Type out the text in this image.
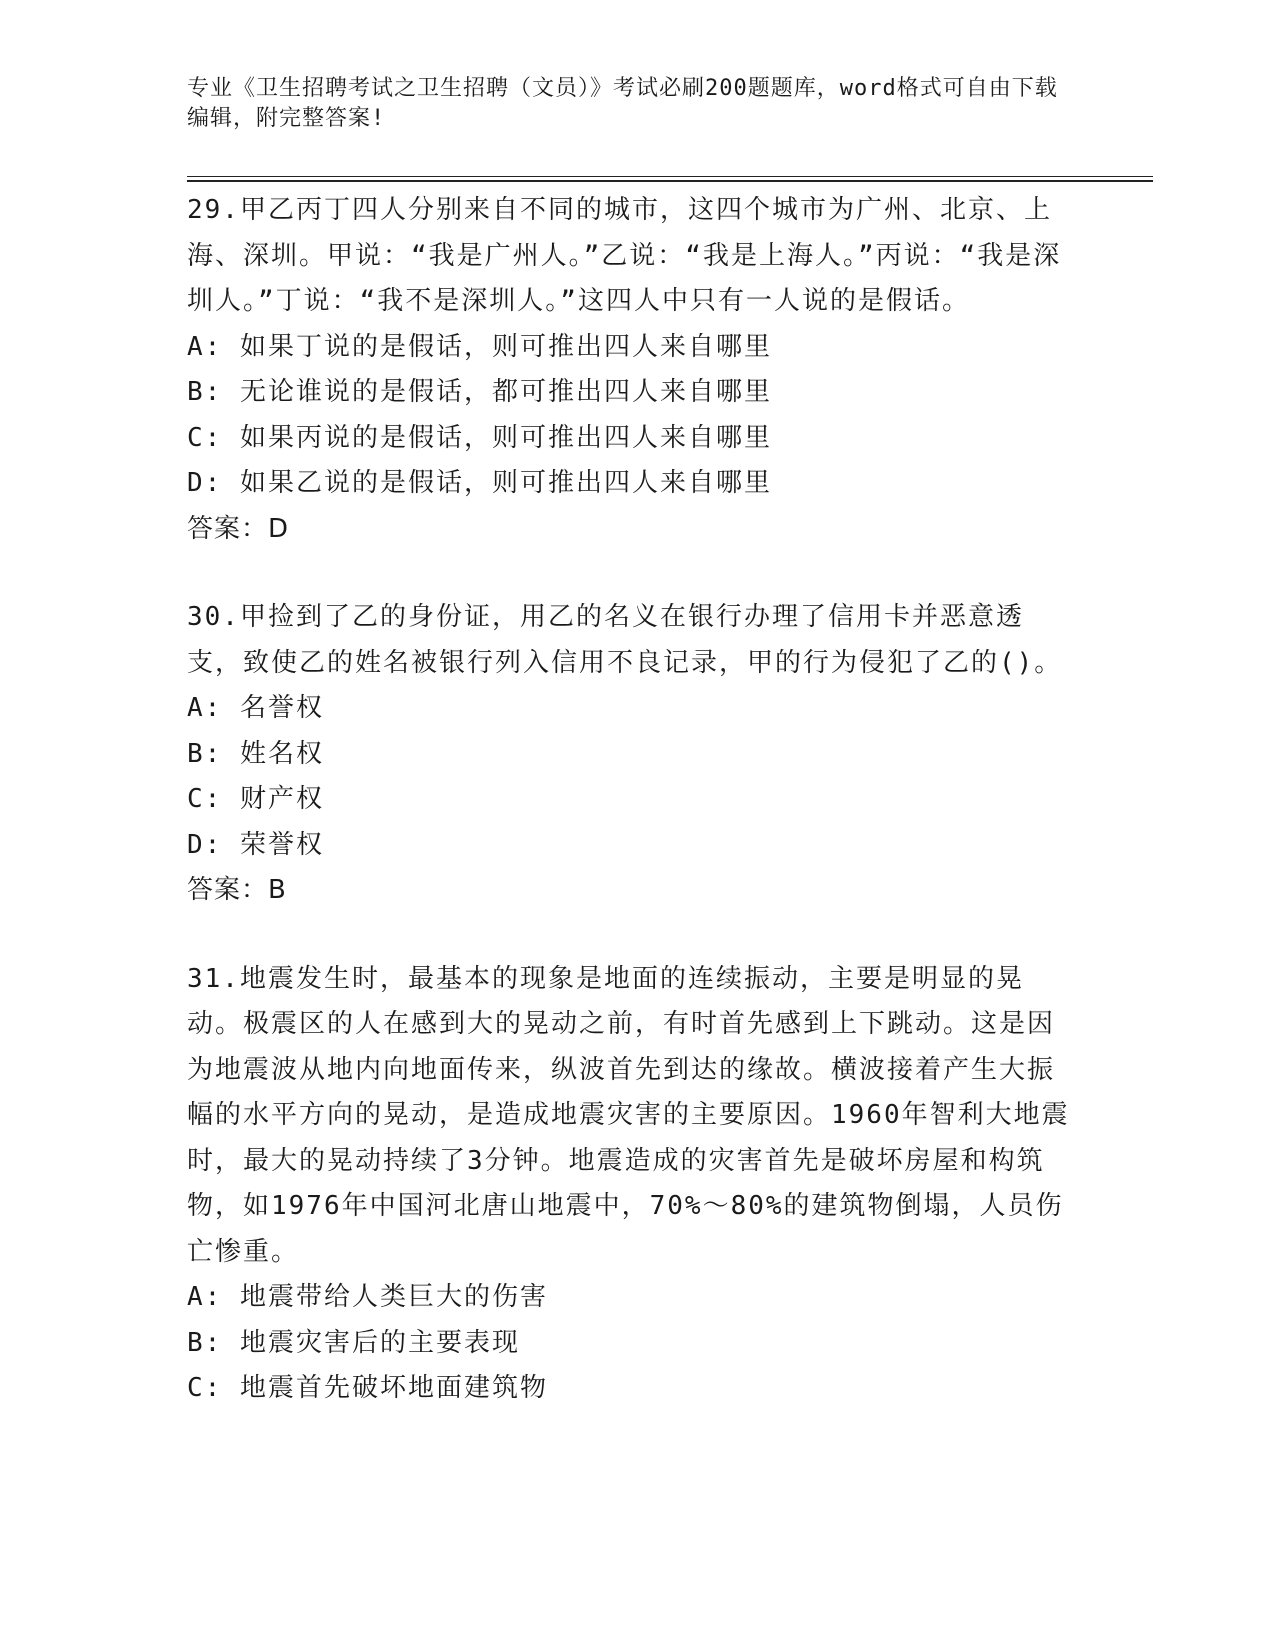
专业《卫生招聘考试之卫生招聘（文员）》考试必刷200题题库，word格式可自由下载编辑，附完整答案!

29.甲乙丙丁四人分别来自不同的城市，这四个城市为广州、北京、上海、深圳。甲说：“我是广州人。”乙说：“我是上海人。”丙说：“我是深圳人。”丁说：“我不是深圳人。”这四人中只有一人说的是假话。

A: 如果丁说的是假话，则可推出四人来自哪里

B: 无论谁说的是假话，都可推出四人来自哪里

C: 如果丙说的是假话，则可推出四人来自哪里

D: 如果乙说的是假话，则可推出四人来自哪里

答案：D

30.甲捡到了乙的身份证，用乙的名义在银行办理了信用卡并恶意透支，致使乙的姓名被银行列入信用不良记录，甲的行为侵犯了乙的()。

A: 名誉权

B: 姓名权

C: 财产权

D: 荣誉权

答案：B

31.地震发生时，最基本的现象是地面的连续振动，主要是明显的晃动。极震区的人在感到大的晃动之前，有时首先感到上下跳动。这是因为地震波从地内向地面传来，纵波首先到达的缘故。横波接着产生大振幅的水平方向的晃动，是造成地震灾害的主要原因。1960年智利大地震时，最大的晃动持续了3分钟。地震造成的灾害首先是破坏房屋和构筑物，如1976年中国河北唐山地震中，70%～80%的建筑物倒塌，人员伤亡惨重。

A: 地震带给人类巨大的伤害

B: 地震灾害后的主要表现

C: 地震首先破坏地面建筑物
